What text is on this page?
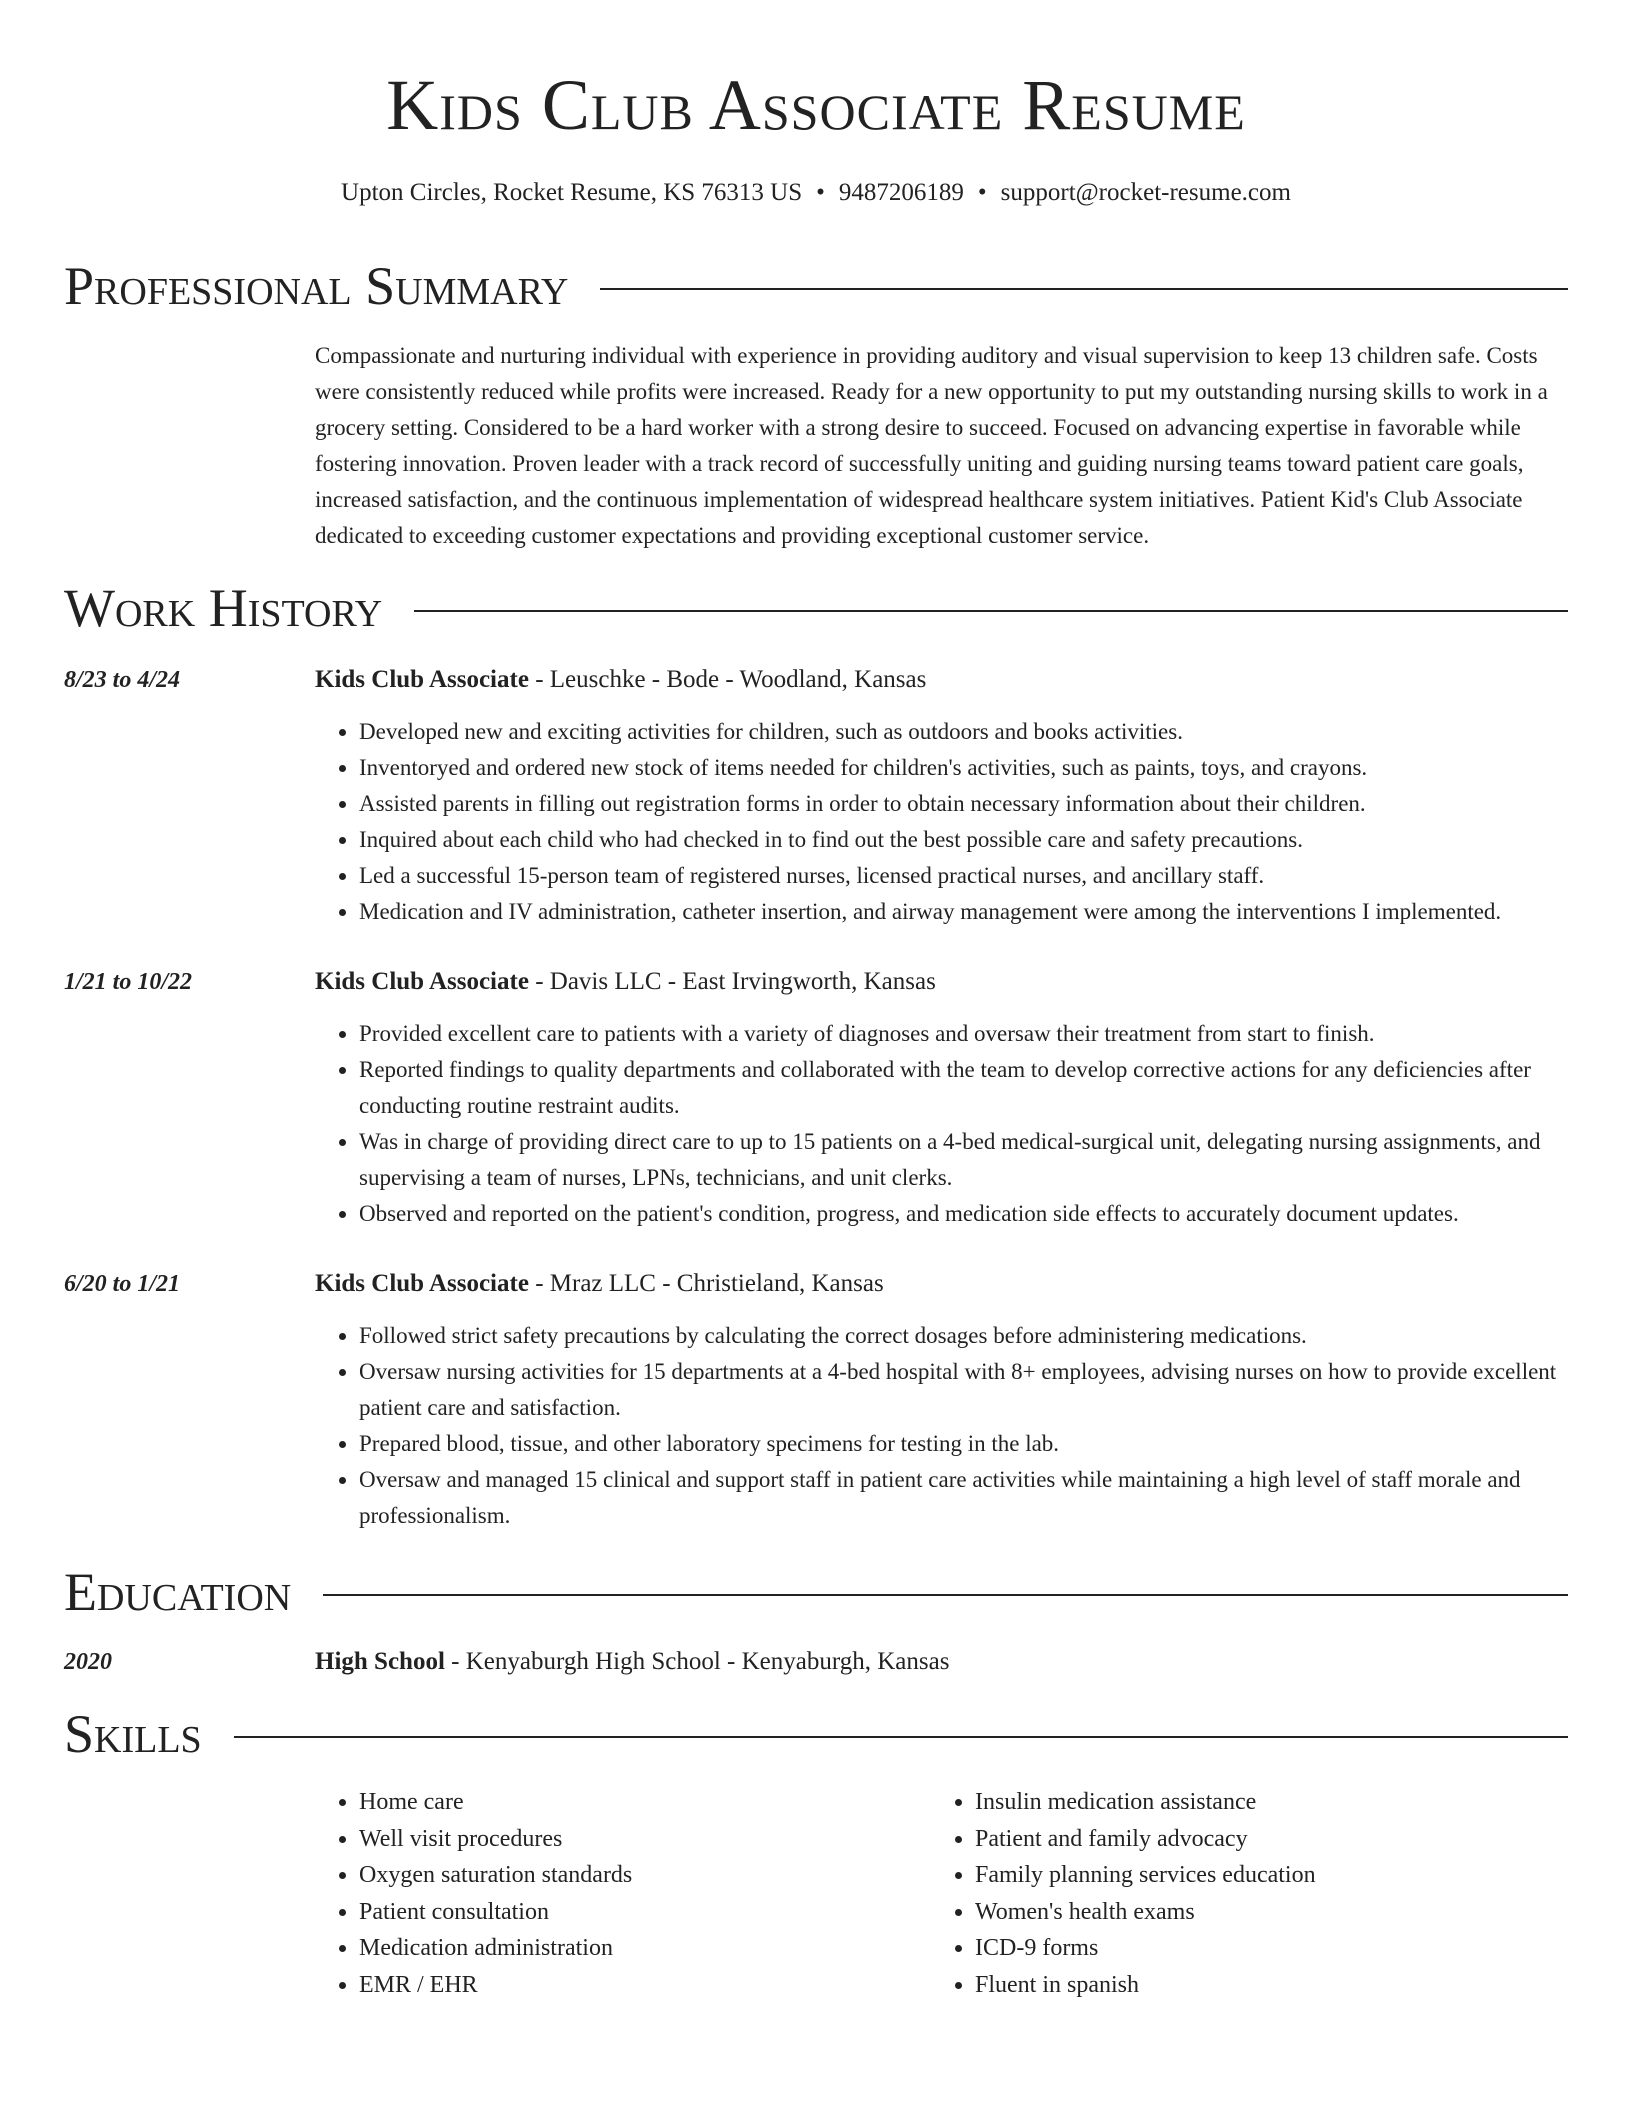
Kids Club Associate Resume
Upton Circles, Rocket Resume, KS 76313 US • 9487206189 • support@rocket-resume.com
Professional Summary
Compassionate and nurturing individual with experience in providing auditory and visual supervision to keep 13 children safe. Costs were consistently reduced while profits were increased. Ready for a new opportunity to put my outstanding nursing skills to work in a grocery setting. Considered to be a hard worker with a strong desire to succeed. Focused on advancing expertise in favorable while fostering innovation. Proven leader with a track record of successfully uniting and guiding nursing teams toward patient care goals, increased satisfaction, and the continuous implementation of widespread healthcare system initiatives. Patient Kid's Club Associate dedicated to exceeding customer expectations and providing exceptional customer service.
Work History
8/23 to 4/24	Kids Club Associate - Leuschke - Bode - Woodland, Kansas
• Developed new and exciting activities for children, such as outdoors and books activities.
• Inventoryed and ordered new stock of items needed for children's activities, such as paints, toys, and crayons.
• Assisted parents in filling out registration forms in order to obtain necessary information about their children.
• Inquired about each child who had checked in to find out the best possible care and safety precautions.
• Led a successful 15-person team of registered nurses, licensed practical nurses, and ancillary staff.
• Medication and IV administration, catheter insertion, and airway management were among the interventions I implemented.
1/21 to 10/22	Kids Club Associate - Davis LLC - East Irvingworth, Kansas
• Provided excellent care to patients with a variety of diagnoses and oversaw their treatment from start to finish.
• Reported findings to quality departments and collaborated with the team to develop corrective actions for any deficiencies after conducting routine restraint audits.
• Was in charge of providing direct care to up to 15 patients on a 4-bed medical-surgical unit, delegating nursing assignments, and supervising a team of nurses, LPNs, technicians, and unit clerks.
• Observed and reported on the patient's condition, progress, and medication side effects to accurately document updates.
6/20 to 1/21	Kids Club Associate - Mraz LLC - Christieland, Kansas
• Followed strict safety precautions by calculating the correct dosages before administering medications.
• Oversaw nursing activities for 15 departments at a 4-bed hospital with 8+ employees, advising nurses on how to provide excellent patient care and satisfaction.
• Prepared blood, tissue, and other laboratory specimens for testing in the lab.
• Oversaw and managed 15 clinical and support staff in patient care activities while maintaining a high level of staff morale and professionalism.
Education
2020	High School - Kenyaburgh High School - Kenyaburgh, Kansas
Skills
• Home care
• Well visit procedures
• Oxygen saturation standards
• Patient consultation
• Medication administration
• EMR / EHR
• Insulin medication assistance
• Patient and family advocacy
• Family planning services education
• Women's health exams
• ICD-9 forms
• Fluent in spanish
